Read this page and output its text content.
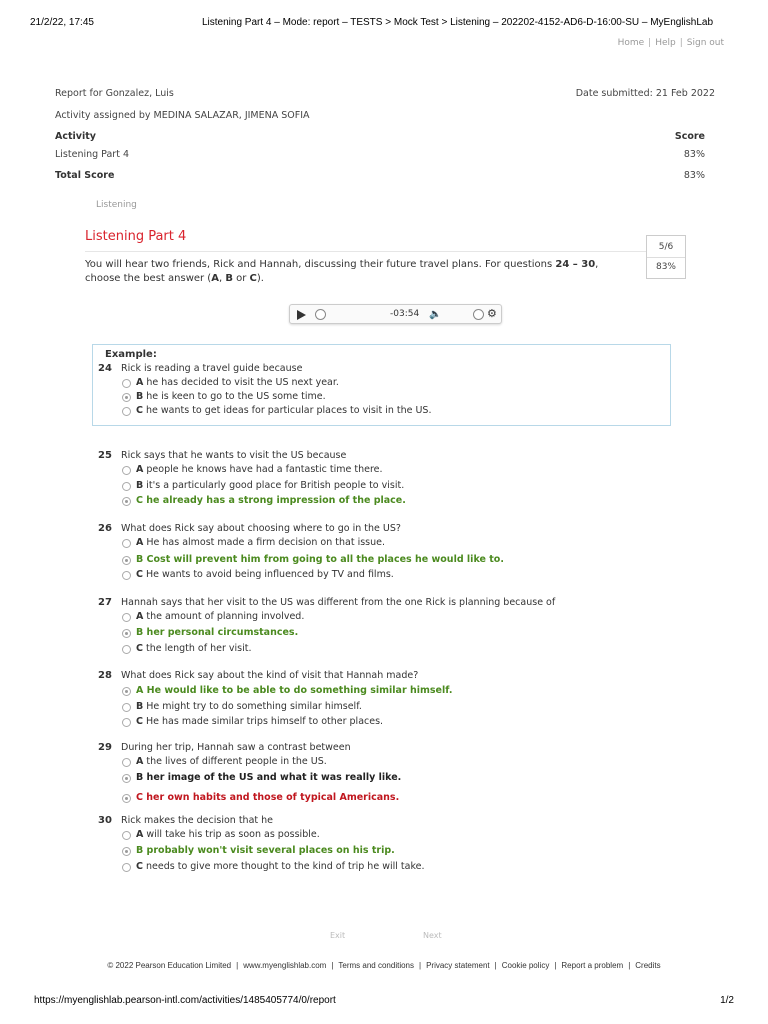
21/2/22, 17:45	Listening Part 4 – Mode: report – TESTS > Mock Test > Listening – 202202-4152-AD6-D-16:00-SU – MyEnglishLab
Home | Help | Sign out
Report for Gonzalez, Luis	Date submitted: 21 Feb 2022
Activity assigned by MEDINA SALAZAR, JIMENA SOFIA
Activity	Score
Listening Part 4	83%
Total Score	83%
Listening
Listening Part 4
5/6
83%
You will hear two friends, Rick and Hannah, discussing their future travel plans. For questions 24 – 30, choose the best answer (A, B or C).
-03:54 🔈	⚙
Example:
24 Rick is reading a travel guide because
A he has decided to visit the US next year.
B he is keen to go to the US some time.
C he wants to get ideas for particular places to visit in the US.
25 Rick says that he wants to visit the US because
A people he knows have had a fantastic time there.
B it's a particularly good place for British people to visit.
C he already has a strong impression of the place.
26 What does Rick say about choosing where to go in the US?
A He has almost made a firm decision on that issue.
B Cost will prevent him from going to all the places he would like to.
C He wants to avoid being influenced by TV and films.
27 Hannah says that her visit to the US was different from the one Rick is planning because of
A the amount of planning involved.
B her personal circumstances.
C the length of her visit.
28 What does Rick say about the kind of visit that Hannah made?
A He would like to be able to do something similar himself.
B He might try to do something similar himself.
C He has made similar trips himself to other places.
29 During her trip, Hannah saw a contrast between
A the lives of different people in the US.
B her image of the US and what it was really like.
C her own habits and those of typical Americans.
30 Rick makes the decision that he
A will take his trip as soon as possible.
B probably won't visit several places on his trip.
C needs to give more thought to the kind of trip he will take.
Exit	Next
© 2022 Pearson Education Limited | www.myenglishlab.com | Terms and conditions | Privacy statement | Cookie policy | Report a problem | Credits
https://myenglishlab.pearson-intl.com/activities/1485405774/0/report	1/2
